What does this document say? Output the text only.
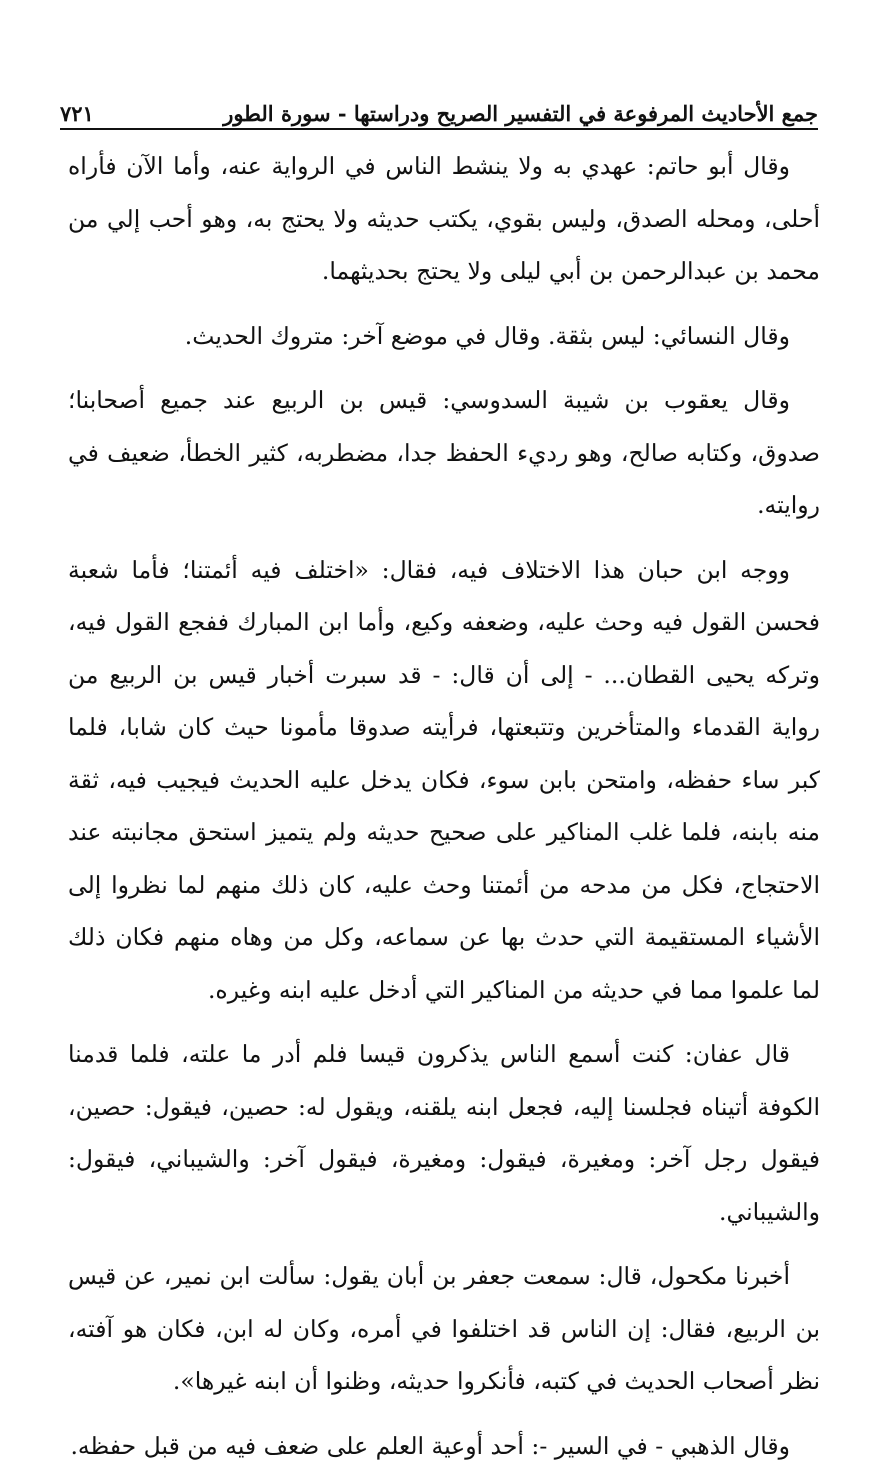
جمع الأحاديث المرفوعة في التفسير الصريح ودراستها - سورة الطور
٧٢١

وقال أبو حاتم: عهدي به ولا ينشط الناس في الرواية عنه، وأما الآن فأراه أحلى، ومحله الصدق، وليس بقوي، يكتب حديثه ولا يحتج به، وهو أحب إلي من محمد بن عبدالرحمن بن أبي ليلى ولا يحتج بحديثهما.

وقال النسائي: ليس بثقة. وقال في موضع آخر: متروك الحديث.

وقال يعقوب بن شيبة السدوسي: قيس بن الربيع عند جميع أصحابنا؛ صدوق، وكتابه صالح، وهو رديء الحفظ جدا، مضطربه، كثير الخطأ، ضعيف في روايته.

ووجه ابن حبان هذا الاختلاف فيه، فقال: «اختلف فيه أئمتنا؛ فأما شعبة فحسن القول فيه وحث عليه، وضعفه وكيع، وأما ابن المبارك ففجع القول فيه، وتركه يحيى القطان... - إلى أن قال: - قد سبرت أخبار قيس بن الربيع من رواية القدماء والمتأخرين وتتبعتها، فرأيته صدوقا مأمونا حيث كان شابا، فلما كبر ساء حفظه، وامتحن بابن سوء، فكان يدخل عليه الحديث فيجيب فيه، ثقة منه بابنه، فلما غلب المناكير على صحيح حديثه ولم يتميز استحق مجانبته عند الاحتجاج، فكل من مدحه من أئمتنا وحث عليه، كان ذلك منهم لما نظروا إلى الأشياء المستقيمة التي حدث بها عن سماعه، وكل من وهاه منهم فكان ذلك لما علموا مما في حديثه من المناكير التي أدخل عليه ابنه وغيره.

قال عفان: كنت أسمع الناس يذكرون قيسا فلم أدر ما علته، فلما قدمنا الكوفة أتيناه فجلسنا إليه، فجعل ابنه يلقنه، ويقول له: حصين، فيقول: حصين، فيقول رجل آخر: ومغيرة، فيقول: ومغيرة، فيقول آخر: والشيباني، فيقول: والشيباني.

أخبرنا مكحول، قال: سمعت جعفر بن أبان يقول: سألت ابن نمير، عن قيس بن الربيع، فقال: إن الناس قد اختلفوا في أمره، وكان له ابن، فكان هو آفته، نظر أصحاب الحديث في كتبه، فأنكروا حديثه، وظنوا أن ابنه غيرها».

وقال الذهبي - في السير -: أحد أوعية العلم على ضعف فيه من قبل حفظه.
